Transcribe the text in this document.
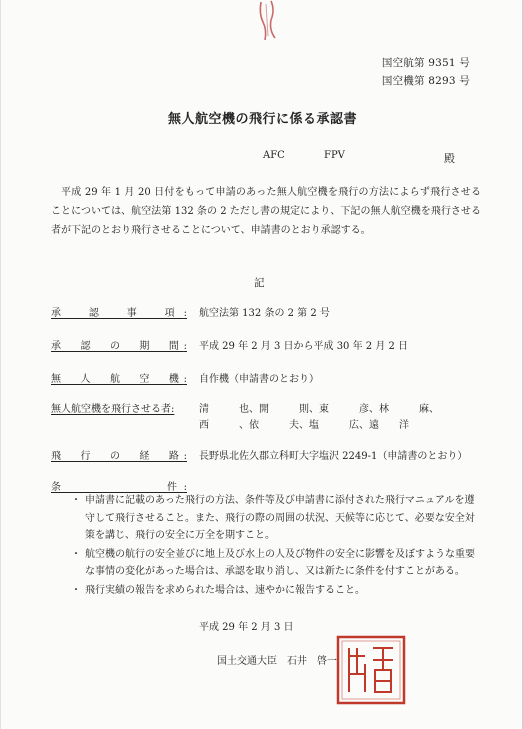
国空航第 9351 号
国空機第 8293 号
無人航空機の飛行に係る承認書
AFC	FPV	殿

平成 29 年 1 月 20 日付をもって申請のあった無人航空機を飛行の方法によらず飛行させることについては、航空法第 132 条の 2 ただし書の規定により、下記の無人航空機を飛行させる者が下記のとおり飛行させることについて、申請書のとおり承認する。

記
承　認　事　項: 航空法第 132 条の 2 第 2 号
承　認　の　期　間: 平成 29 年 2 月 3 日から平成 30 年 2 月 2 日
無　人　航　空　機: 自作機（申請書のとおり）
無人航空機を飛行させる者:	清　　　也、開　　　則、東　　　彦、林　　　麻、
西　　　、依　　　夫、塩　　　広、遠　　洋
飛　行　の　経　路: 長野県北佐久郡立科町大字塩沢 2249-1（申請書のとおり）
条　　　　　　件:
・ 申請書に記載のあった飛行の方法、条件等及び申請書に添付された飛行マニュアルを遵守して飛行させること。また、飛行の際の周囲の状況、天候等に応じて、必要な安全対策を講じ、飛行の安全に万全を期すこと。
・ 航空機の航行の安全並びに地上及び水上の人及び物件の安全に影響を及ぼすような重要な事情の変化があった場合は、承認を取り消し、又は新たに条件を付すことがある。
・ 飛行実績の報告を求められた場合は、速やかに報告すること。
平成 29 年 2 月 3 日
国土交通大臣　石井　啓一
